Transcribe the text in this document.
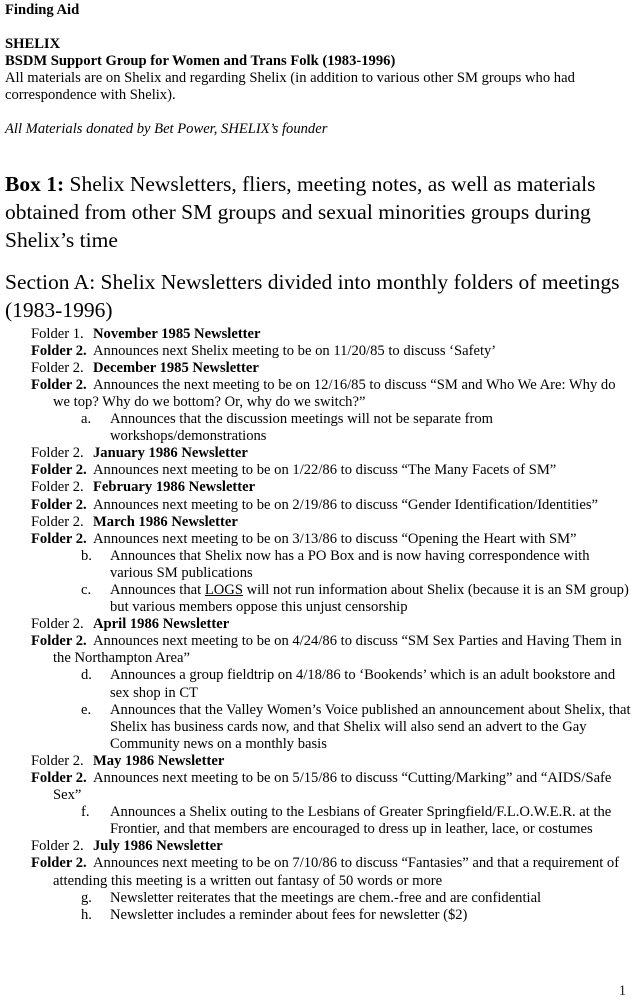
Finding Aid

SHELIX

BSDM Support Group for Women and Trans Folk (1983-1996)

All materials are on Shelix and regarding Shelix (in addition to various other SM groups who had correspondence with Shelix).

All Materials donated by Bet Power, SHELIX’s founder

Box 1: Shelix Newsletters, fliers, meeting notes, as well as materials obtained from other SM groups and sexual minorities groups during Shelix’s time
Section A: Shelix Newsletters divided into monthly folders of meetings (1983-1996)
Folder 1. November 1985 Newsletter
Folder 2. Announces next Shelix meeting to be on 11/20/85 to discuss ‘Safety’
Folder 2. December 1985 Newsletter
Folder 2. Announces the next meeting to be on 12/16/85 to discuss “SM and Who We Are: Why do we top? Why do we bottom? Or, why do we switch?”
a. Announces that the discussion meetings will not be separate from workshops/demonstrations
Folder 2. January 1986 Newsletter
Folder 2. Announces next meeting to be on 1/22/86 to discuss “The Many Facets of SM”
Folder 2. February 1986 Newsletter
Folder 2. Announces next meeting to be on 2/19/86 to discuss “Gender Identification/Identities”
Folder 2. March 1986 Newsletter
Folder 2. Announces next meeting to be on 3/13/86 to discuss “Opening the Heart with SM”
b. Announces that Shelix now has a PO Box and is now having correspondence with various SM publications
c. Announces that LOGS will not run information about Shelix (because it is an SM group) but various members oppose this unjust censorship
Folder 2. April 1986 Newsletter
Folder 2. Announces next meeting to be on 4/24/86 to discuss “SM Sex Parties and Having Them in the Northampton Area”
d. Announces a group fieldtrip on 4/18/86 to ‘Bookends’ which is an adult bookstore and sex shop in CT
e. Announces that the Valley Women’s Voice published an announcement about Shelix, that Shelix has business cards now, and that Shelix will also send an advert to the Gay Community news on a monthly basis
Folder 2. May 1986 Newsletter
Folder 2. Announces next meeting to be on 5/15/86 to discuss “Cutting/Marking” and “AIDS/Safe Sex”
f. Announces a Shelix outing to the Lesbians of Greater Springfield/F.L.O.W.E.R. at the Frontier, and that members are encouraged to dress up in leather, lace, or costumes
Folder 2. July 1986 Newsletter
Folder 2. Announces next meeting to be on 7/10/86 to discuss “Fantasies” and that a requirement of attending this meeting is a written out fantasy of 50 words or more
g. Newsletter reiterates that the meetings are chem.-free and are confidential
h. Newsletter includes a reminder about fees for newsletter ($2)
1
